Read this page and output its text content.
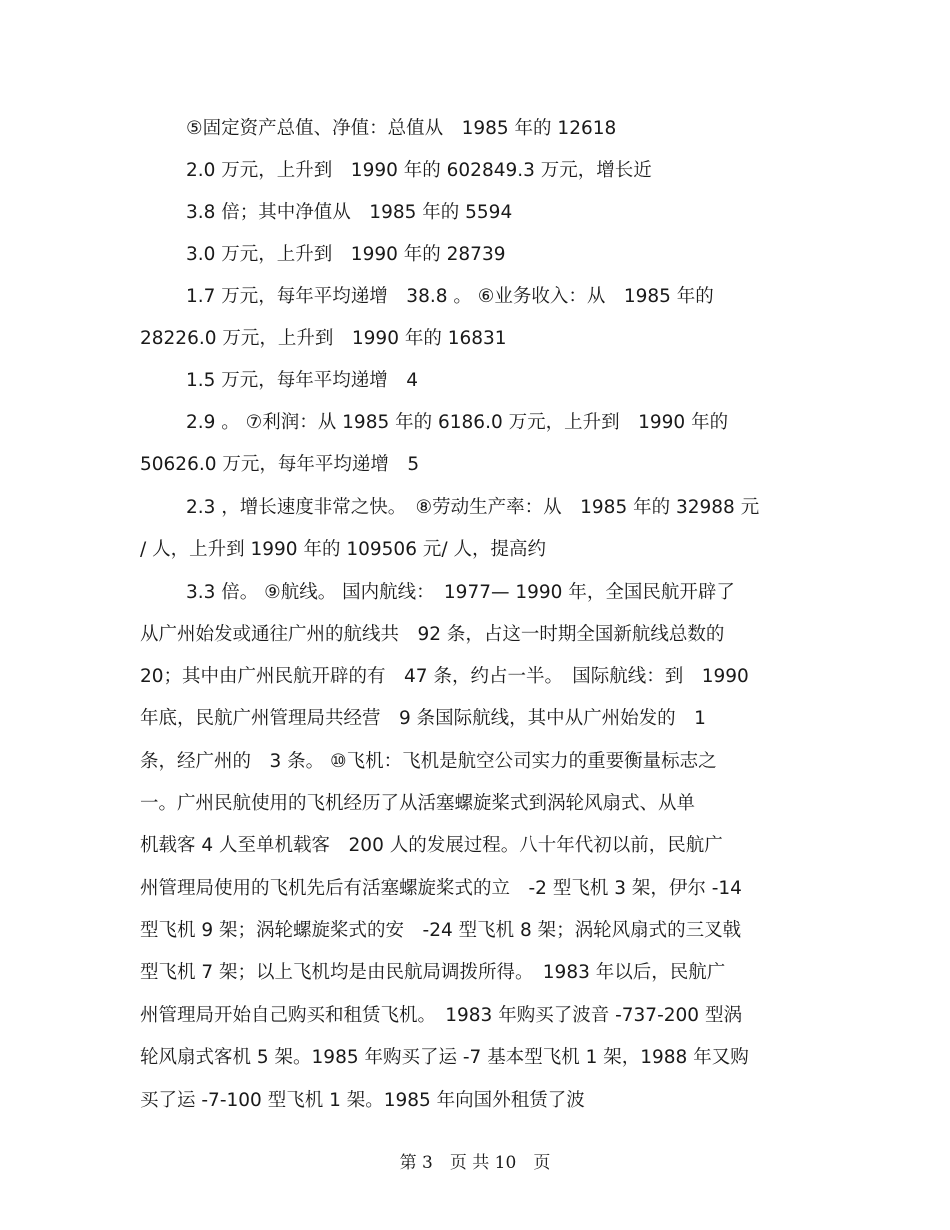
⑤固定资产总值、净值：总值从　1985 年的 12618
2.0 万元，上升到　1990 年的 602849.3 万元，增长近
3.8 倍；其中净值从　1985 年的 5594
3.0 万元，上升到　1990 年的 28739
1.7 万元，每年平均递增　38.8 。 ⑥业务收入：从　1985 年的
28226.0 万元，上升到　1990 年的 16831
1.5 万元，每年平均递增　4
2.9 。 ⑦利润：从 1985 年的 6186.0 万元，上升到　1990 年的
50626.0 万元，每年平均递增　5
2.3 ，增长速度非常之快。　⑧劳动生产率：从　1985 年的 32988 元
/ 人，上升到 1990 年的 109506 元/ 人，提高约
3.3 倍。 ⑨航线。 国内航线：　1977— 1990 年，全国民航开辟了
从广州始发或通往广州的航线共　92 条，占这一时期全国新航线总数的
20；其中由广州民航开辟的有　47 条，约占一半。　国际航线：到　1990
年底，民航广州管理局共经营　9 条国际航线，其中从广州始发的　1
条，经广州的　3 条。 ⑩飞机：飞机是航空公司实力的重要衡量标志之
一。广州民航使用的飞机经历了从活塞螺旋桨式到涡轮风扇式、从单
机载客 4 人至单机载客　200 人的发展过程。八十年代初以前，民航广
州管理局使用的飞机先后有活塞螺旋桨式的立　-2 型飞机 3 架，伊尔 -14
型飞机 9 架；涡轮螺旋桨式的安　-24 型飞机 8 架；涡轮风扇式的三叉戟
型飞机 7 架；以上飞机均是由民航局调拨所得。　1983 年以后，民航广
州管理局开始自己购买和租赁飞机。　1983 年购买了波音 -737-200 型涡
轮风扇式客机 5 架。1985 年购买了运 -7 基本型飞机 1 架，1988 年又购
买了运 -7-100 型飞机 1 架。1985 年向国外租赁了波
第 3　页 共 10　页
